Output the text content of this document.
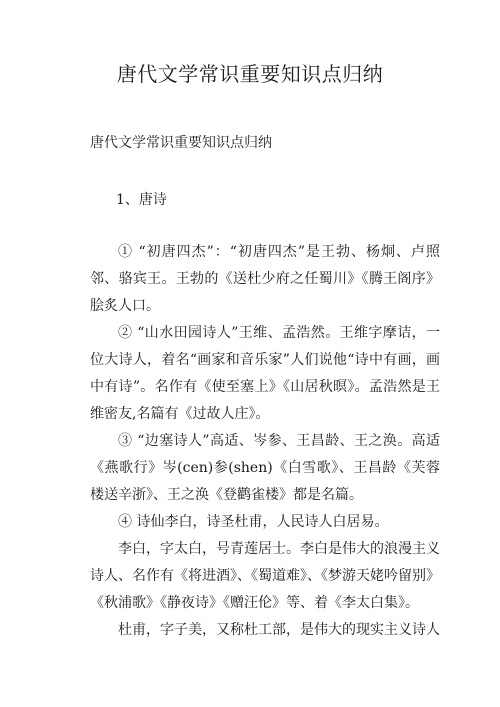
唐代文学常识重要知识点归纳

唐代文学常识重要知识点归纳

1、唐诗

① “初唐四杰”：“初唐四杰”是王勃、杨炯、卢照邻、骆宾王。王勃的《送杜少府之任蜀川》《腾王阁序》脍炙人口。

② “山水田园诗人”王维、孟浩然。王维字摩诘，一位大诗人，着名“画家和音乐家”人们说他“诗中有画，画中有诗”。名作有《使至塞上》《山居秋暝》。孟浩然是王维密友,名篇有《过故人庄》。

③ “边塞诗人”高适、岑参、王昌龄、王之涣。高适《燕歌行》岑(cen)参(shen)《白雪歌》、王昌龄《芙蓉楼送辛浙》、王之涣《登鹳雀楼》都是名篇。

④ 诗仙李白，诗圣杜甫，人民诗人白居易。

李白，字太白，号青莲居士。李白是伟大的浪漫主义诗人、名作有《将进酒》、《蜀道难》、《梦游天姥吟留别》《秋浦歌》《静夜诗》《赠汪伦》等、着《李太白集》。

杜甫，字子美，又称杜工部，是伟大的现实主义诗人
